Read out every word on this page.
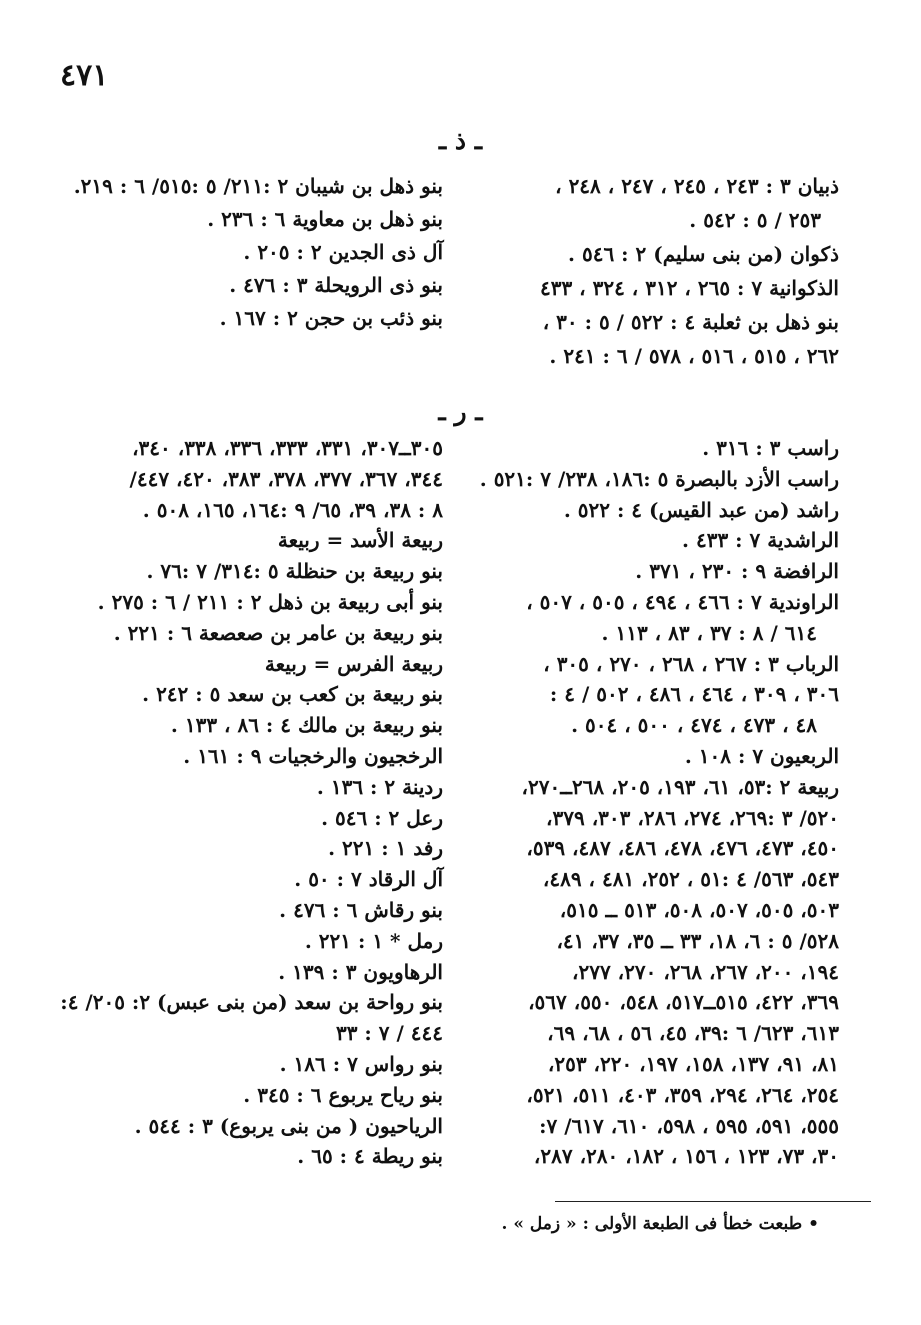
٤٧١
ـ ذ ـ
ـ ر ـ
ذبيان ٣ : ٢٤٣ ، ٢٤٥ ، ٢٤٧ ، ٢٤٨ ،
٢٥٣ / ٥ : ٥٤٢ .
ذكوان (من بنى سليم) ٢ : ٥٤٦ .
الذكوانية ٧ : ٢٦٥ ، ٣١٢ ، ٣٢٤ ، ٤٣٣
بنو ذهل بن ثعلبة ٤ : ٥٢٢ / ٥ : ٣٠ ،
٢٦٢ ، ٥١٥ ، ٥١٦ ، ٥٧٨ / ٦ : ٢٤١ .
بنو ذهل بن شيبان ٢ :٢١١/ ٥ :٥١٥/ ٦ : ٢١٩.
بنو ذهل بن معاوية ٦ : ٢٣٦ .
آل ذى الجدين ٢ : ٢٠٥ .
بنو ذى الرويحلة ٣ : ٤٧٦ .
بنو ذئب بن حجن ٢ : ١٦٧ .
راسب ٣ : ٣١٦ .
راسب الأزد بالبصرة ٥ :١٨٦، ٢٣٨/ ٧ :٥٢١ .
راشد (من عبد القيس) ٤ : ٥٢٢ .
الراشدية ٧ : ٤٣٣ .
الرافضة ٩ : ٢٣٠ ، ٣٧١ .
الراوندية ٧ : ٤٦٦ ، ٤٩٤ ، ٥٠٥ ، ٥٠٧ ،
٦١٤ / ٨ : ٣٧ ، ٨٣ ، ١١٣ .
الرباب ٣ : ٢٦٧ ، ٢٦٨ ، ٢٧٠ ، ٣٠٥ ،
٣٠٦ ، ٣٠٩ ، ٤٦٤ ، ٤٨٦ ، ٥٠٢ / ٤ :
٤٨ ، ٤٧٣ ، ٤٧٤ ، ٥٠٠ ، ٥٠٤ .
الربعيون ٧ : ١٠٨ .
ربيعة ٢ :٥٣، ٦١، ١٩٣، ٢٠٥، ٢٦٨ــ٢٧٠،
٥٢٠/ ٣ :٢٦٩، ٢٧٤، ٢٨٦، ٣٠٣، ٣٧٩،
٤٥٠، ٤٧٣، ٤٧٦، ٤٧٨، ٤٨٦، ٤٨٧، ٥٣٩،
٥٤٣، ٥٦٣/ ٤ :٥١ ، ٢٥٢، ٤٨١ ، ٤٨٩،
٥٠٣، ٥٠٥، ٥٠٧، ٥٠٨، ٥١٣ ــ ٥١٥،
٥٢٨/ ٥ : ٦، ١٨، ٣٣ ــ ٣٥، ٣٧، ٤١،
١٩٤، ٢٠٠، ٢٦٧، ٢٦٨، ٢٧٠، ٢٧٧،
٣٦٩، ٤٢٢، ٥١٥ــ٥١٧، ٥٤٨، ٥٥٠، ٥٦٧،
٦١٣، ٦٢٣/ ٦ :٣٩، ٤٥، ٥٦ ، ٦٨، ٦٩،
٨١، ٩١، ١٣٧، ١٥٨، ١٩٧، ٢٢٠، ٢٥٣،
٢٥٤، ٢٦٤، ٢٩٤، ٣٥٩، ٤٠٣، ٥١١، ٥٢١،
٥٥٥، ٥٩١، ٥٩٥ ، ٥٩٨، ٦١٠، ٦١٧/ ٧:
٣٠، ٧٣، ١٢٣ ، ١٥٦ ، ١٨٢، ٢٨٠، ٢٨٧،
٣٠٥ــ٣٠٧، ٣٣١، ٣٣٣، ٣٣٦، ٣٣٨، ٣٤٠،
٣٤٤، ٣٦٧، ٣٧٧، ٣٧٨، ٣٨٣، ٤٢٠، ٤٤٧/
٨ : ٣٨، ٣٩، ٦٥/ ٩ :١٦٤، ١٦٥، ٥٠٨ .
ربيعة الأسد = ربيعة
بنو ربيعة بن حنظلة ٥ :٣١٤/ ٧ :٧٦ .
بنو أبى ربيعة بن ذهل ٢ : ٢١١ / ٦ : ٢٧٥ .
بنو ربيعة بن عامر بن صعصعة ٦ : ٢٢١ .
ربيعة الفرس = ربيعة
بنو ربيعة بن كعب بن سعد ٥ : ٢٤٢ .
بنو ربيعة بن مالك ٤ : ٨٦ ، ١٣٣ .
الرخجيون والرخجيات ٩ : ١٦١ .
ردينة ٢ : ١٣٦ .
رعل ٢ : ٥٤٦ .
رفد ١ : ٢٢١ .
آل الرقاد ٧ : ٥٠ .
بنو رقاش ٦ : ٤٧٦ .
رمل * ١ : ٢٢١ .
الرهاويون ٣ : ١٣٩ .
بنو رواحة بن سعد (من بنى عبس) ٢: ٢٠٥/ ٤:
٤٤٤ / ٧ : ٣٣
بنو رواس ٧ : ١٨٦ .
بنو رياح يربوع ٦ : ٣٤٥ .
الرياحيون ( من بنى يربوع) ٣ : ٥٤٤ .
بنو ريطة ٤ : ٦٥ .
• طبعت خطأ فى الطبعة الأولى : « زمل » .
